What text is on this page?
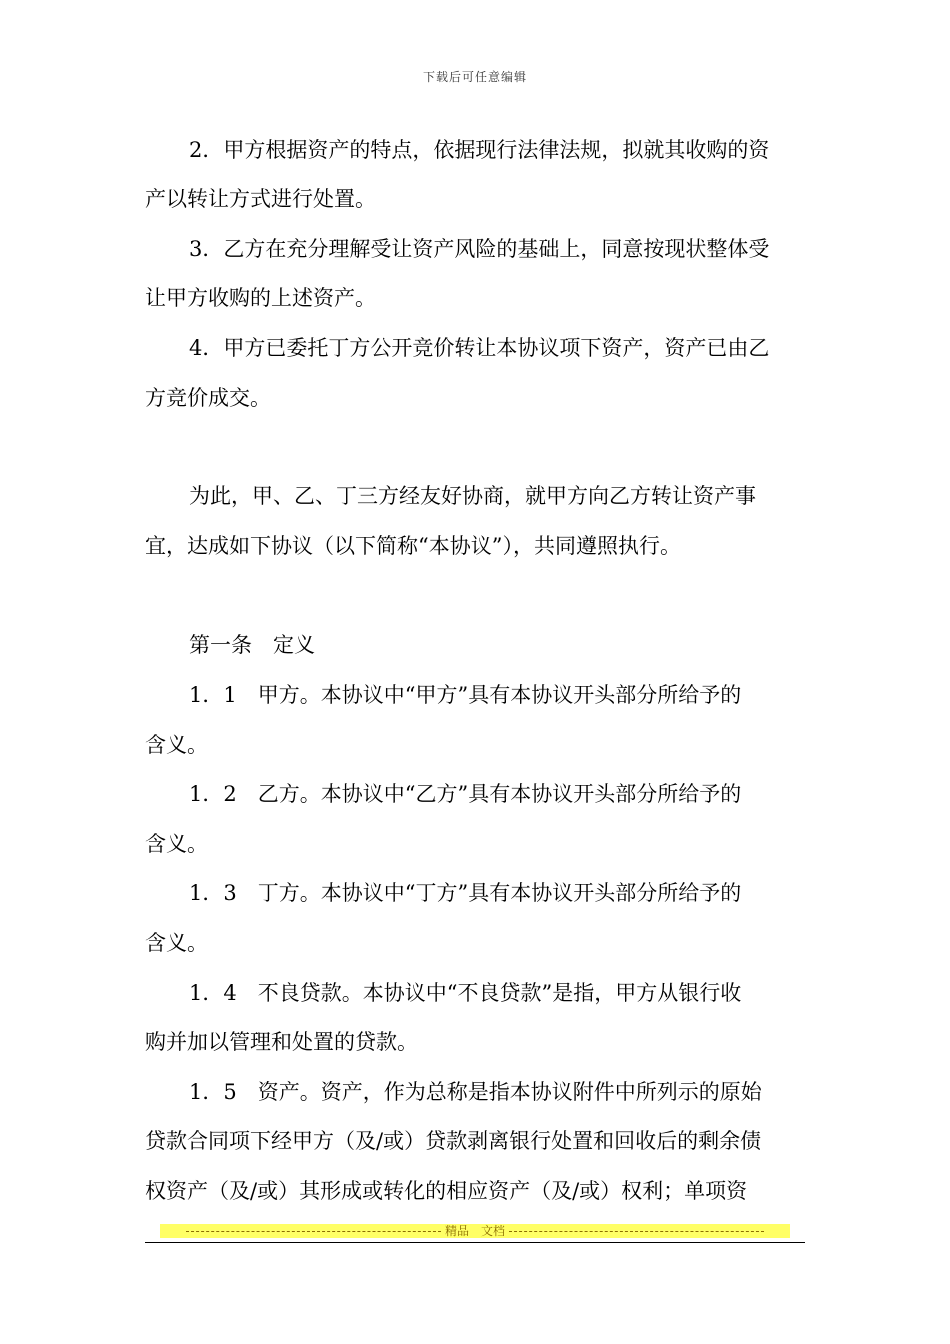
下载后可任意编辑
2．甲方根据资产的特点，依据现行法律法规，拟就其收购的资
产以转让方式进行处置。
3．乙方在充分理解受让资产风险的基础上，同意按现状整体受
让甲方收购的上述资产。
4．甲方已委托丁方公开竞价转让本协议项下资产，资产已由乙
方竞价成交。
为此，甲、乙、丁三方经友好协商，就甲方向乙方转让资产事
宜，达成如下协议（以下简称“本协议”），共同遵照执行。
第一条　定义
1．1　甲方。本协议中“甲方”具有本协议开头部分所给予的
含义。
1．2　乙方。本协议中“乙方”具有本协议开头部分所给予的
含义。
1．3　丁方。本协议中“丁方”具有本协议开头部分所给予的
含义。
1．4　不良贷款。本协议中“不良贷款”是指，甲方从银行收
购并加以管理和处置的贷款。
1．5　资产。资产，作为总称是指本协议附件中所列示的原始
贷款合同项下经甲方（及/或）贷款剥离银行处置和回收后的剩余债
权资产（及/或）其形成或转化的相应资产（及/或）权利；单项资
精品　文档
